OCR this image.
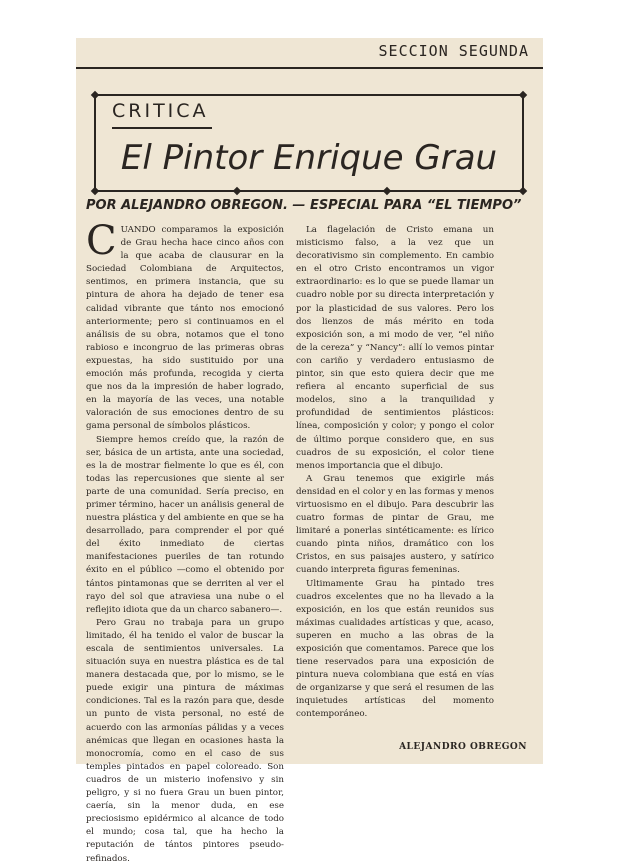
SECCION SEGUNDA
CRITICA
El Pintor Enrique Grau
POR ALEJANDRO OBREGON. — ESPECIAL PARA “EL TIEMPO”
C UANDO comparamos la exposición de Grau hecha hace cinco años con la que acaba de clausurar en la Sociedad Colombiana de Arquitectos, sentimos, en primera instancia, que su pintura de ahora ha dejado de tener esa calidad vibrante que tánto nos emocionó anteriormente; pero si continuamos en el análisis de su obra, notamos que el tono rabioso e incongruo de las primeras obras expuestas, ha sido sustituido por una emoción más profunda, recogida y cierta que nos da la impresión de haber logrado, en la mayoría de las veces, una notable valoración de sus emociones dentro de su gama personal de símbolos plásticos.

Siempre hemos creído que, la razón de ser, básica de un artista, ante una sociedad, es la de mostrar fielmente lo que es él, con todas las repercusiones que siente al ser parte de una comunidad. Sería preciso, en primer término, hacer un análisis general de nuestra plástica y del ambiente en que se ha desarrollado, para comprender el por qué del éxito inmediato de ciertas manifestaciones pueriles de tan rotundo éxito en el público —como el obtenido por tántos pintamonas que se derriten al ver el rayo del sol que atraviesa una nube o el reflejito idiota que da un charco sabanero—.

Pero Grau no trabaja para un grupo limitado, él ha tenido el valor de buscar la escala de sentimientos universales. La situación suya en nuestra plástica es de tal manera destacada que, por lo mismo, se le puede exigir una pintura de máximas condiciones. Tal es la razón para que, desde un punto de vista personal, no esté de acuerdo con las armonías pálidas y a veces anémicas que llegan en ocasiones hasta la monocromía, como en el caso de sus temples pintados en papel coloreado. Son cuadros de un misterio inofensivo y sin peligro, y si no fuera Grau un buen pintor, caería, sin la menor duda, en ese preciosismo epidérmico al alcance de todo el mundo; cosa tal, que ha hecho la reputación de tántos pintores pseudo-refinados.

La flagelación de Cristo emana un misticismo falso, a la vez que un decorativismo sin complemento. En cambio en el otro Cristo encontramos un vigor extraordinario: es lo que se puede llamar un cuadro noble por su directa interpretación y por la plasticidad de sus valores. Pero los dos lienzos de más mérito en toda exposición son, a mi modo de ver, “el niño de la cereza” y “Nancy”: allí lo vemos pintar con cariño y verdadero entusiasmo de pintor, sin que esto quiera decir que me refiera al encanto superficial de sus modelos, sino a la tranquilidad y profundidad de sentimientos plásticos: línea, composición y color; y pongo el color de último porque considero que, en sus cuadros de su exposición, el color tiene menos importancia que el dibujo.

A Grau tenemos que exigirle más densidad en el color y en las formas y menos virtuosismo en el dibujo. Para descubrir las cuatro formas de pintar de Grau, me limitaré a ponerlas sintéticamente: es lírico cuando pinta niños, dramático con los Cristos, en sus paisajes austero, y satírico cuando interpreta figuras femeninas.

Ultimamente Grau ha pintado tres cuadros excelentes que no ha llevado a la exposición, en los que están reunidos sus máximas cualidades artísticas y que, acaso, superen en mucho a las obras de la exposición que comentamos. Parece que los tiene reservados para una exposición de pintura nueva colombiana que está en vías de organizarse y que será el resumen de las inquietudes artísticas del momento contemporáneo.

ALEJANDRO OBREGON
